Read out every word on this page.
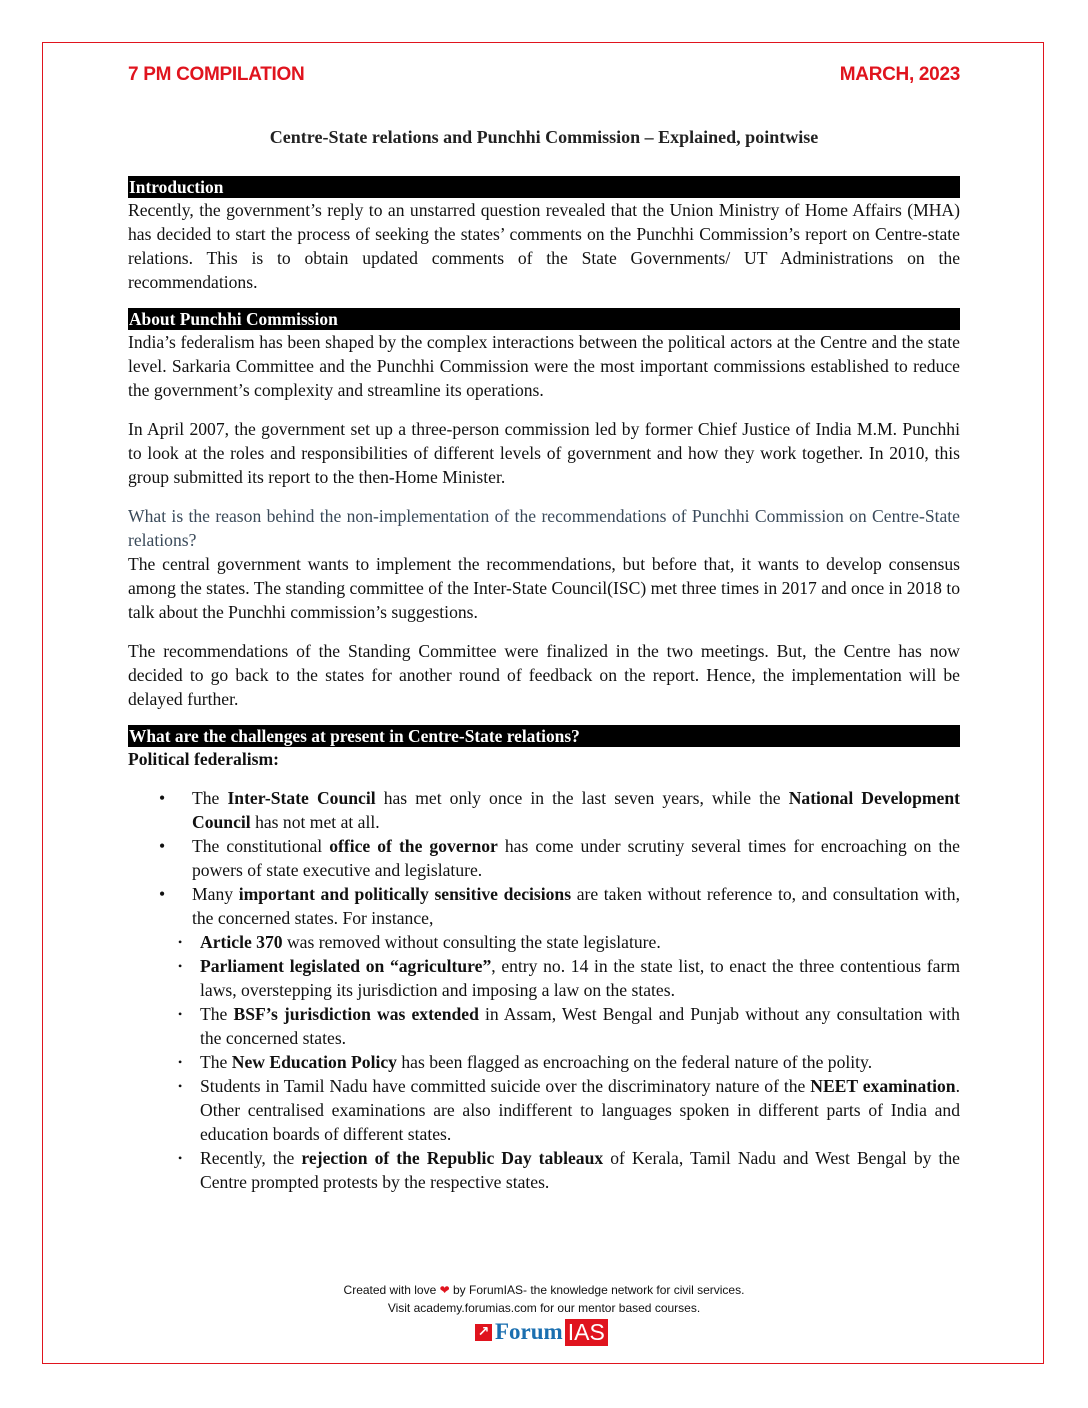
7 PM COMPILATION	MARCH, 2023
Centre-State relations and Punchhi Commission – Explained, pointwise
Introduction

Recently, the government’s reply to an unstarred question revealed that the Union Ministry of Home Affairs (MHA) has decided to start the process of seeking the states’ comments on the Punchhi Commission’s report on Centre-state relations. This is to obtain updated comments of the State Governments/ UT Administrations on the recommendations.

About Punchhi Commission

India’s federalism has been shaped by the complex interactions between the political actors at the Centre and the state level. Sarkaria Committee and the Punchhi Commission were the most important commissions established to reduce the government’s complexity and streamline its operations.

In April 2007, the government set up a three-person commission led by former Chief Justice of India M.M. Punchhi to look at the roles and responsibilities of different levels of government and how they work together. In 2010, this group submitted its report to the then-Home Minister.

What is the reason behind the non-implementation of the recommendations of Punchhi Commission on Centre-State relations?

The central government wants to implement the recommendations, but before that, it wants to develop consensus among the states. The standing committee of the Inter-State Council(ISC) met three times in 2017 and once in 2018 to talk about the Punchhi commission’s suggestions.

The recommendations of the Standing Committee were finalized in the two meetings. But, the Centre has now decided to go back to the states for another round of feedback on the report. Hence, the implementation will be delayed further.

What are the challenges at present in Centre-State relations?

Political federalism:

• The Inter-State Council has met only once in the last seven years, while the National Development Council has not met at all.
• The constitutional office of the governor has come under scrutiny several times for encroaching on the powers of state executive and legislature.
• Many important and politically sensitive decisions are taken without reference to, and consultation with, the concerned states. For instance,
• Article 370 was removed without consulting the state legislature.
• Parliament legislated on “agriculture”, entry no. 14 in the state list, to enact the three contentious farm laws, overstepping its jurisdiction and imposing a law on the states.
• The BSF’s jurisdiction was extended in Assam, West Bengal and Punjab without any consultation with the concerned states.
• The New Education Policy has been flagged as encroaching on the federal nature of the polity.
• Students in Tamil Nadu have committed suicide over the discriminatory nature of the NEET examination. Other centralised examinations are also indifferent to languages spoken in different parts of India and education boards of different states.
• Recently, the rejection of the Republic Day tableaux of Kerala, Tamil Nadu and West Bengal by the Centre prompted protests by the respective states.
Created with love ❤ by ForumIAS- the knowledge network for civil services.
Visit academy.forumias.com for our mentor based courses.
↗ Forum IAS
